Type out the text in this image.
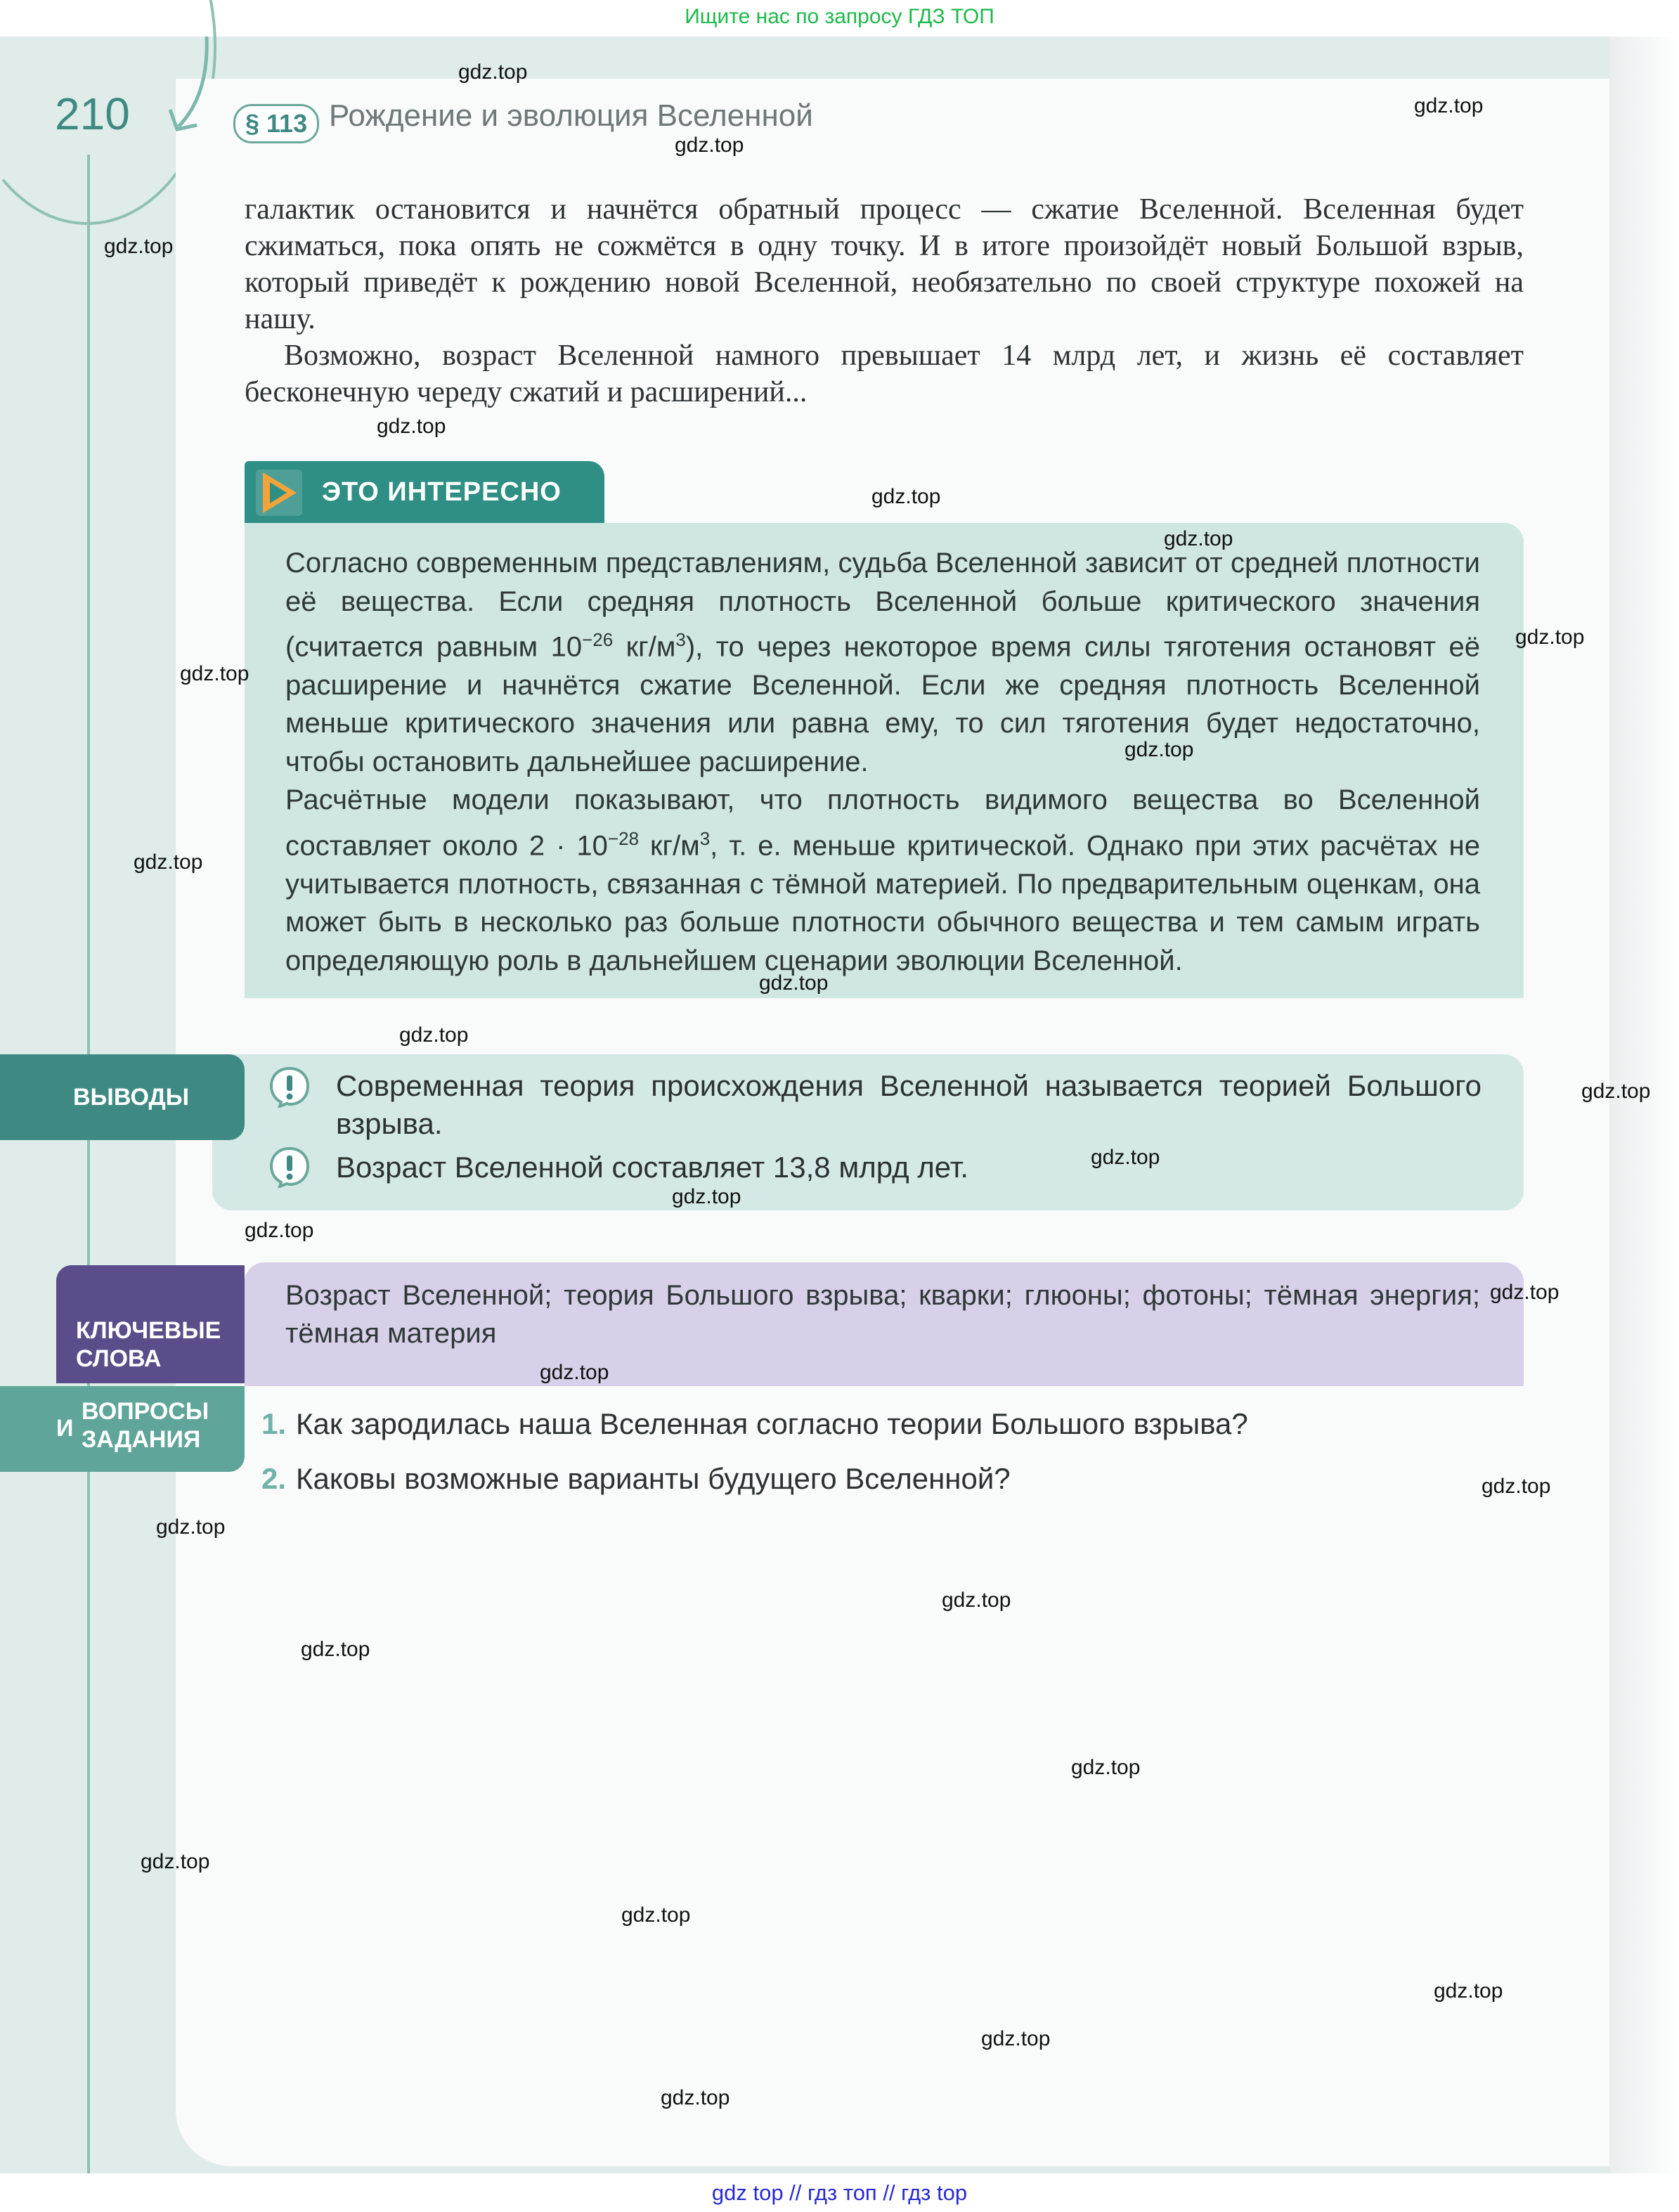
Ищите нас по запросу ГДЗ ТОП
210	§ 113 Рождение и эволюция Вселенной

галактик остановится и начнётся обратный процесс — сжатие Вселенной. Вселенная будет сжиматься, пока опять не сожмётся в одну точку. И в итоге произойдёт новый Большой взрыв, который приведёт к рождению новой Вселенной, необязательно по своей структуре похожей на нашу.

Возможно, возраст Вселенной намного превышает 14 млрд лет, и жизнь её составляет бесконечную череду сжатий и расширений...

ЭТО ИНТЕРЕСНО

Согласно современным представлениям, судьба Вселенной зависит от средней плотности её вещества. Если средняя плотность Вселенной больше критического значения (считается равным $10^{-26}$ $кг/м^3$), то через некоторое время силы тяготения остановят её расширение и начнётся сжатие Вселенной. Если же средняя плотность Вселенной меньше критического значения или равна ему, то сил тяготения будет недостаточно, чтобы остановить дальнейшее расширение.
Расчётные модели показывают, что плотность видимого вещества во Вселенной составляет около $2 \cdot 10^{-28}$ $кг/м^3$, т. е. меньше критической. Однако при этих расчётах не учитывается плотность, связанная с тёмной материей. По предварительным оценкам, она может быть в несколько раз больше плотности обычного вещества и тем самым играть определяющую роль в дальнейшем сценарии эволюции Вселенной.

Современная теория происхождения Вселенной называется теорией Большого взрыва.
Возраст Вселенной составляет 13,8 млрд лет.
ВЫВОДЫ

Возраст Вселенной; теория Большого взрыва; кварки; глюоны; фотоны; тёмная энергия; тёмная материя

КЛЮЧЕВЫЕ
СЛОВА
И
ВОПРОСЫ
ЗАДАНИЯ 1. Как зародилась наша Вселенная согласно теории Большого взрыва?
2. Каковы возможные варианты будущего Вселенной?
gdz.top
gdz.top
gdz.top
gdz.top
gdz.top
gdz.top
gdz.top
gdz.top
gdz.top
gdz.top
gdz.top
gdz.top
gdz.top
gdz.top
gdz.top
gdz.top
gdz.top
gdz.top
gdz.top
gdz.top
gdz.top
gdz.top
gdz.top
gdz.top
gdz.top
gdz.top
gdz.top
gdz.top
gdz.top
gdz top // гдз топ // гдз top
